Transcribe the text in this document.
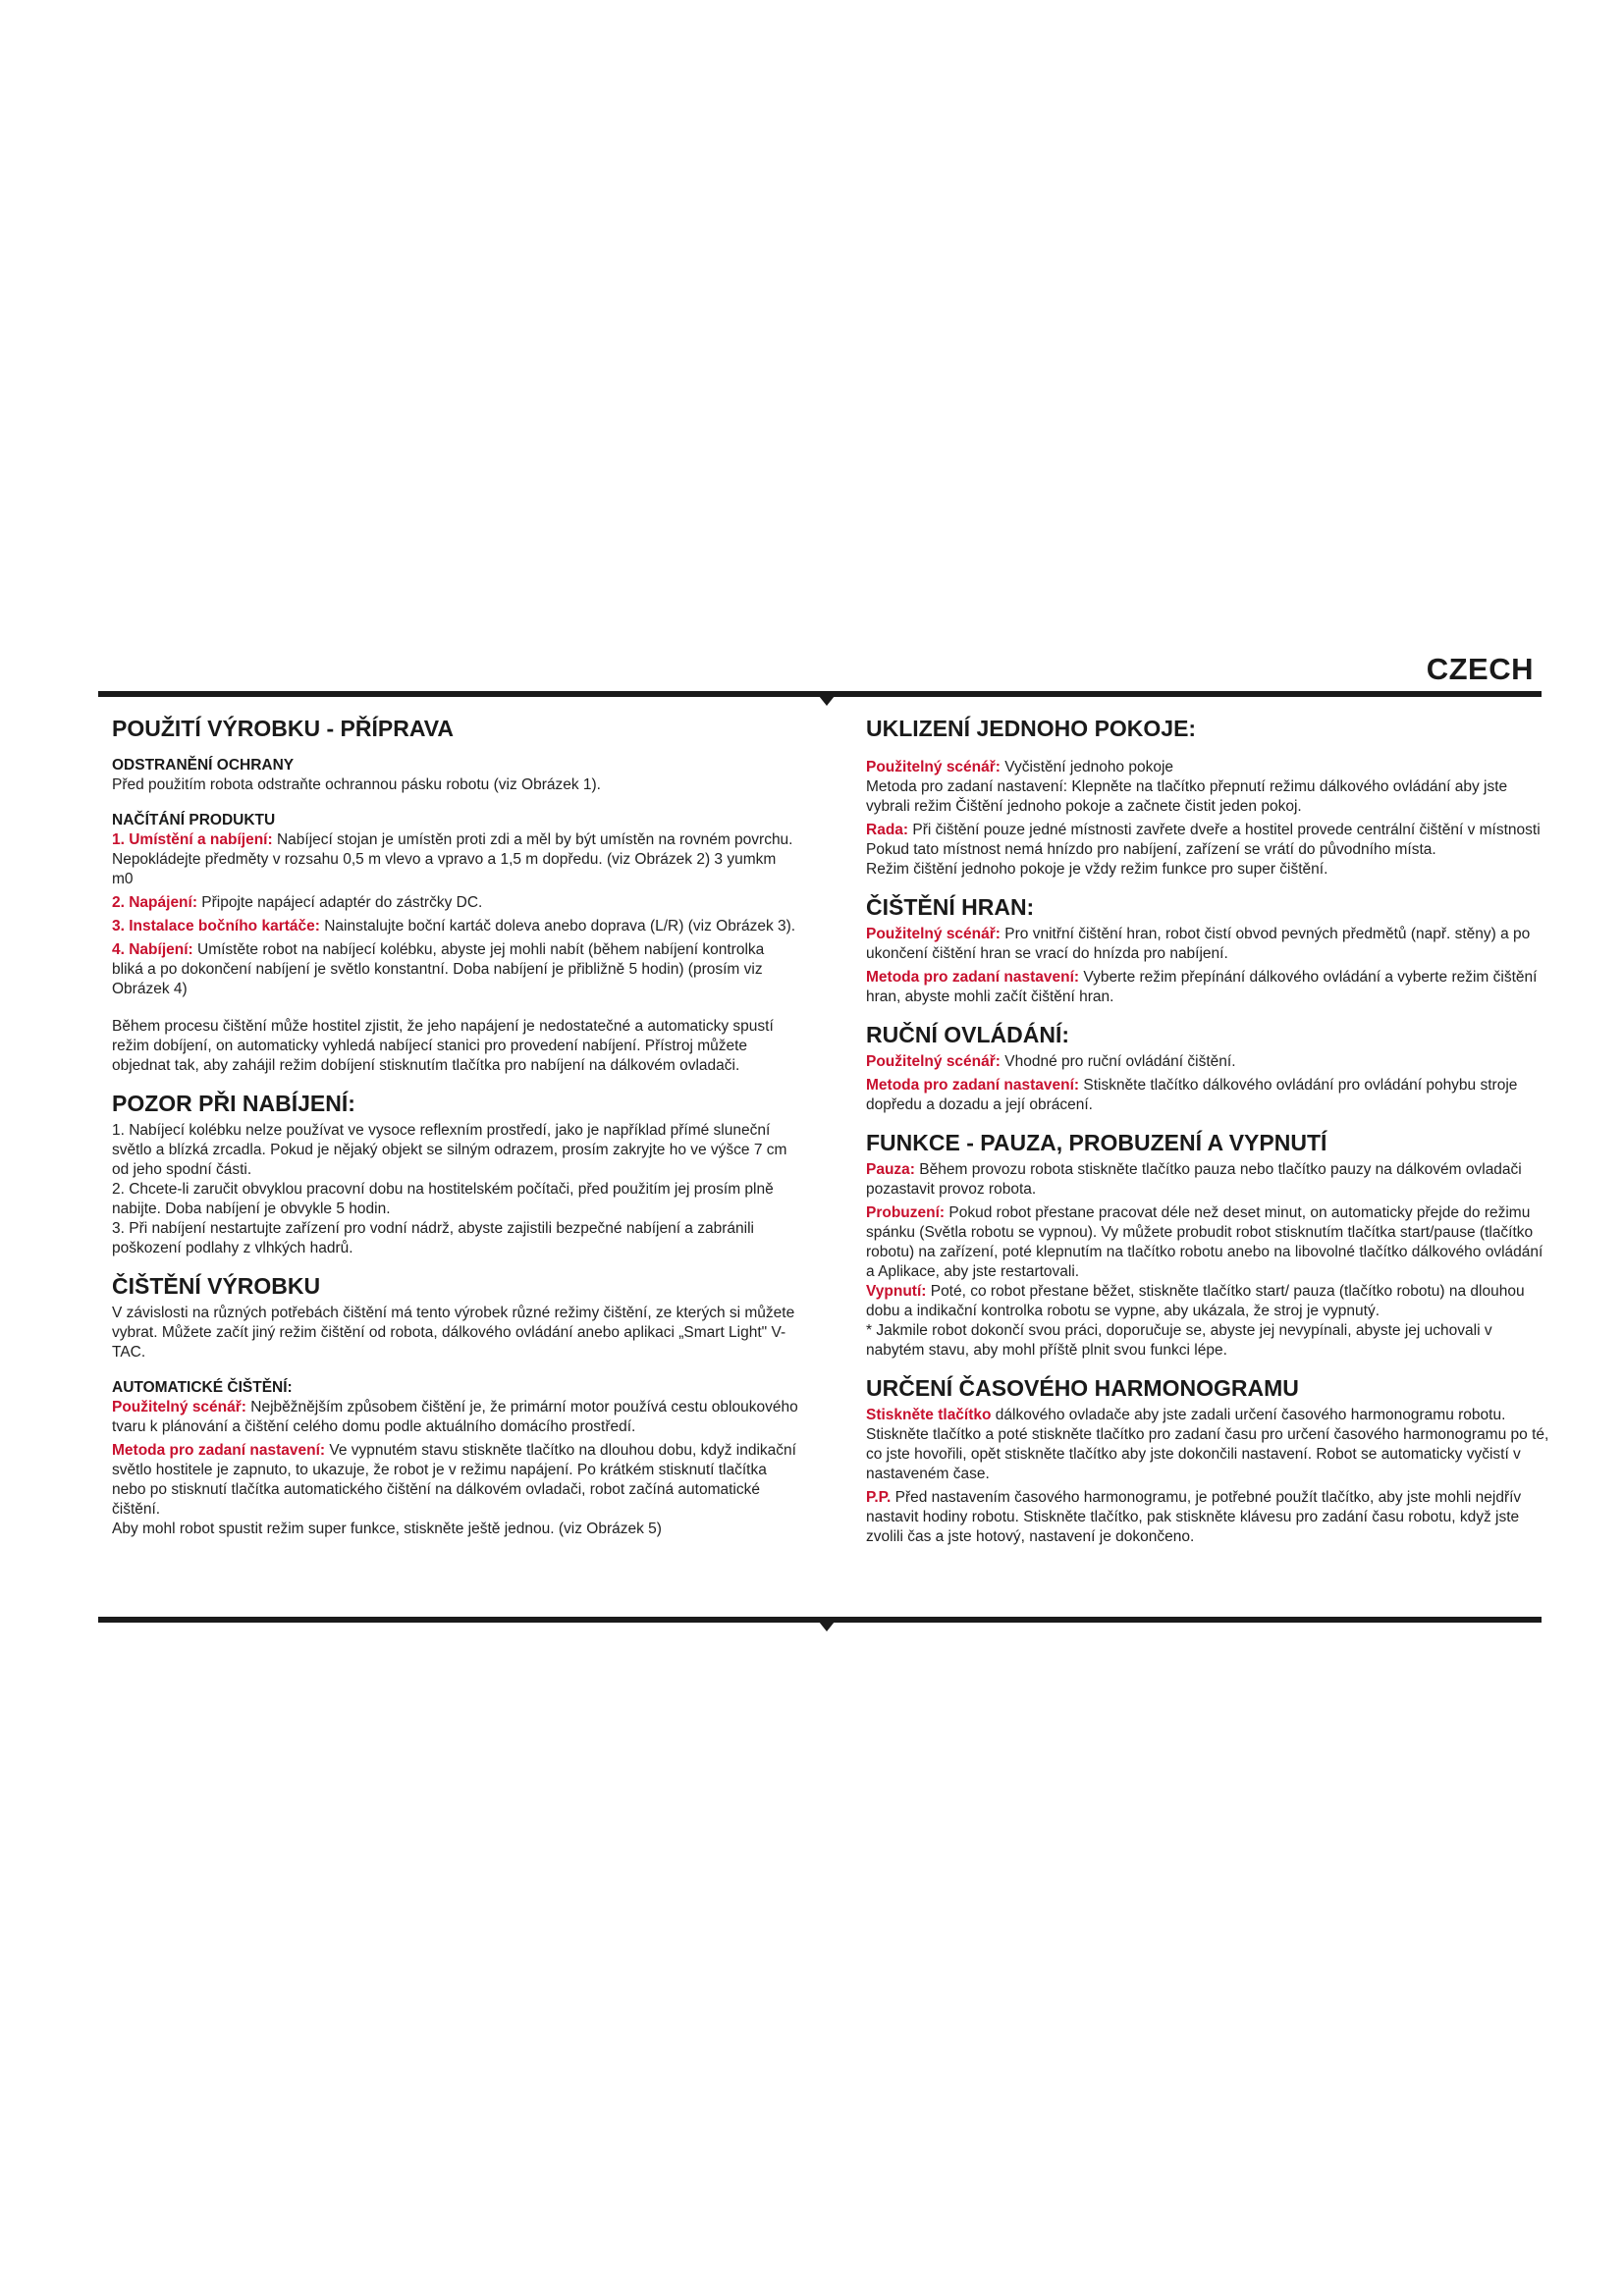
CZECH
POUŽITÍ VÝROBKU - PŘÍPRAVA
ODSTRANĚNÍ OCHRANY

Před použitím robota odstraňte ochrannou pásku robotu (viz Obrázek 1).

NAČÍTÁNÍ PRODUKTU

1. Umístění a nabíjení: Nabíjecí stojan je umístěn proti zdi a měl by být umístěn na rovném povrchu. Nepokládejte předměty v rozsahu 0,5 m vlevo a vpravo a 1,5 m dopředu. (viz Obrázek 2) 3 yumkm m0

2. Napájení: Připojte napájecí adaptér do zástrčky DC.

3. Instalace bočního kartáče: Nainstalujte boční kartáč doleva anebo doprava (L/R) (viz Obrázek 3).

4. Nabíjení: Umístěte robot na nabíjecí kolébku, abyste jej mohli nabít (během nabíjení kontrolka bliká a po dokončení nabíjení je světlo konstantní. Doba nabíjení je přibližně 5 hodin) (prosím viz Obrázek 4)

Během procesu čištění může hostitel zjistit, že jeho napájení je nedostatečné a automaticky spustí režim dobíjení, on automaticky vyhledá nabíjecí stanici pro provedení nabíjení. Přístroj můžete objednat tak, aby zahájil režim dobíjení stisknutím tlačítka pro nabíjení na dálkovém ovladači.

POZOR PŘI NABÍJENÍ:

1. Nabíjecí kolébku nelze používat ve vysoce reflexním prostředí, jako je například přímé sluneční světlo a blízká zrcadla. Pokud je nějaký objekt se silným odrazem, prosím zakryjte ho ve výšce 7 cm od jeho spodní části.

2. Chcete-li zaručit obvyklou pracovní dobu na hostitelském počítači, před použitím jej prosím plně nabijte. Doba nabíjení je obvykle 5 hodin.

3. Při nabíjení nestartujte zařízení pro vodní nádrž, abyste zajistili bezpečné nabíjení a zabránili poškození podlahy z vlhkých hadrů.

ČIŠTĚNÍ VÝROBKU

V závislosti na různých potřebách čištění má tento výrobek různé režimy čištění, ze kterých si můžete vybrat. Můžete začít jiný režim čištění od robota, dálkového ovládání anebo aplikaci „Smart Light" V-TAC.

AUTOMATICKÉ ČIŠTĚNÍ:

Použitelný scénář: Nejběžnějším způsobem čištění je, že primární motor používá cestu obloukového tvaru k plánování a čištění celého domu podle aktuálního domácího prostředí.

Metoda pro zadaní nastavení: Ve vypnutém stavu stiskněte tlačítko na dlouhou dobu, když indikační světlo hostitele je zapnuto, to ukazuje, že robot je v režimu napájení. Po krátkém stisknutí tlačítka nebo po stisknutí tlačítka automatického čištění na dálkovém ovladači, robot začíná automatické čištění.

Aby mohl robot spustit režim super funkce, stiskněte ještě jednou. (viz Obrázek 5)

UKLIZENÍ JEDNOHO POKOJE:

Použitelný scénář: Vyčistění jednoho pokoje

Metoda pro zadaní nastavení: Klepněte na tlačítko přepnutí režimu dálkového ovládání aby jste vybrali režim Čištění jednoho pokoje a začnete čistit jeden pokoj.

Rada: Při čištění pouze jedné místnosti zavřete dveře a hostitel provede centrální čištění v místnosti

Pokud tato místnost nemá hnízdo pro nabíjení, zařízení se vrátí do původního místa.

Režim čištění jednoho pokoje je vždy režim funkce pro super čištění.

ČIŠTĚNÍ HRAN:

Použitelný scénář: Pro vnitřní čištění hran, robot čistí obvod pevných předmětů (např. stěny) a po ukončení čištění hran se vrací do hnízda pro nabíjení.

Metoda pro zadaní nastavení: Vyberte režim přepínání dálkového ovládání a vyberte režim čištění hran, abyste mohli začít čištění hran.

RUČNÍ OVLÁDÁNÍ:

Použitelný scénář: Vhodné pro ruční ovládání čištění.

Metoda pro zadaní nastavení: Stiskněte tlačítko dálkového ovládání pro ovládání pohybu stroje dopředu a dozadu a její obrácení.

FUNKCE - PAUZA, PROBUZENÍ A VYPNUTÍ

Pauza: Během provozu robota stiskněte tlačítko pauza nebo tlačítko pauzy na dálkovém ovladači pozastavit provoz robota.

Probuzení: Pokud robot přestane pracovat déle než deset minut, on automaticky přejde do režimu spánku (Světla robotu se vypnou). Vy můžete probudit robot stisknutím tlačítka start/pause (tlačítko robotu) na zařízení, poté klepnutím na tlačítko robotu anebo na libovolné tlačítko dálkového ovládání a Aplikace, aby jste restartovali.

Vypnutí: Poté, co robot přestane běžet, stiskněte tlačítko start/ pauza (tlačítko robotu) na dlouhou dobu a indikační kontrolka robotu se vypne, aby ukázala, že stroj je vypnutý.

* Jakmile robot dokončí svou práci, doporučuje se, abyste jej nevypínali, abyste jej uchovali v nabytém stavu, aby mohl příště plnit svou funkci lépe.

URČENÍ ČASOVÉHO HARMONOGRAMU

Stiskněte tlačítko dálkového ovladače aby jste zadali určení časového harmonogramu robotu. Stiskněte tlačítko a poté stiskněte tlačítko pro zadaní času pro určení časového harmonogramu po té, co jste hovořili, opět stiskněte tlačítko aby jste dokončili nastavení. Robot se automaticky vyčistí v nastaveném čase.

P.P. Před nastavením časového harmonogramu, je potřebné použít tlačítko, aby jste mohli nejdřív nastavit hodiny robotu. Stiskněte tlačítko, pak stiskněte klávesu pro zadání času robotu, když jste zvolili čas a jste hotový, nastavení je dokončeno.
